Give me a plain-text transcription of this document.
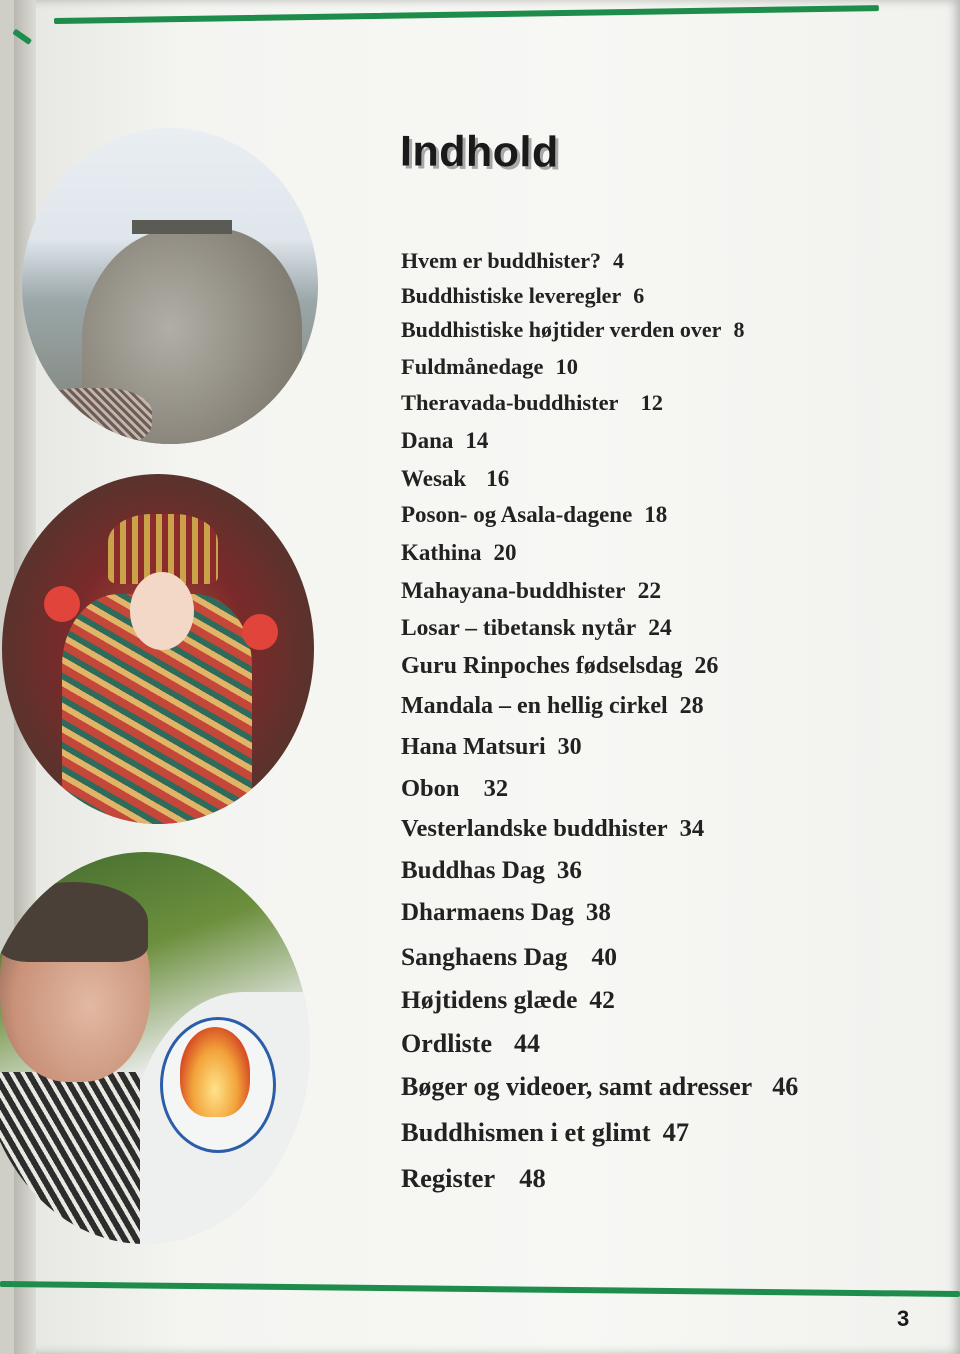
Indhold
Hvem er buddhister? 4
Buddhistiske leveregler 6
Buddhistiske højtider verden over 8
Fuldmånedage 10
Theravada-buddhister 12
Dana 14
Wesak 16
Poson- og Asala-dagene 18
Kathina 20
Mahayana-buddhister 22
Losar – tibetansk nytår 24
Guru Rinpoches fødselsdag 26
Mandala – en hellig cirkel 28
Hana Matsuri 30
Obon 32
Vesterlandske buddhister 34
Buddhas Dag 36
Dharmaens Dag 38
Sanghaens Dag 40
Højtidens glæde 42
Ordliste 44
Bøger og videoer, samt adresser 46
Buddhismen i et glimt 47
Register 48
3
